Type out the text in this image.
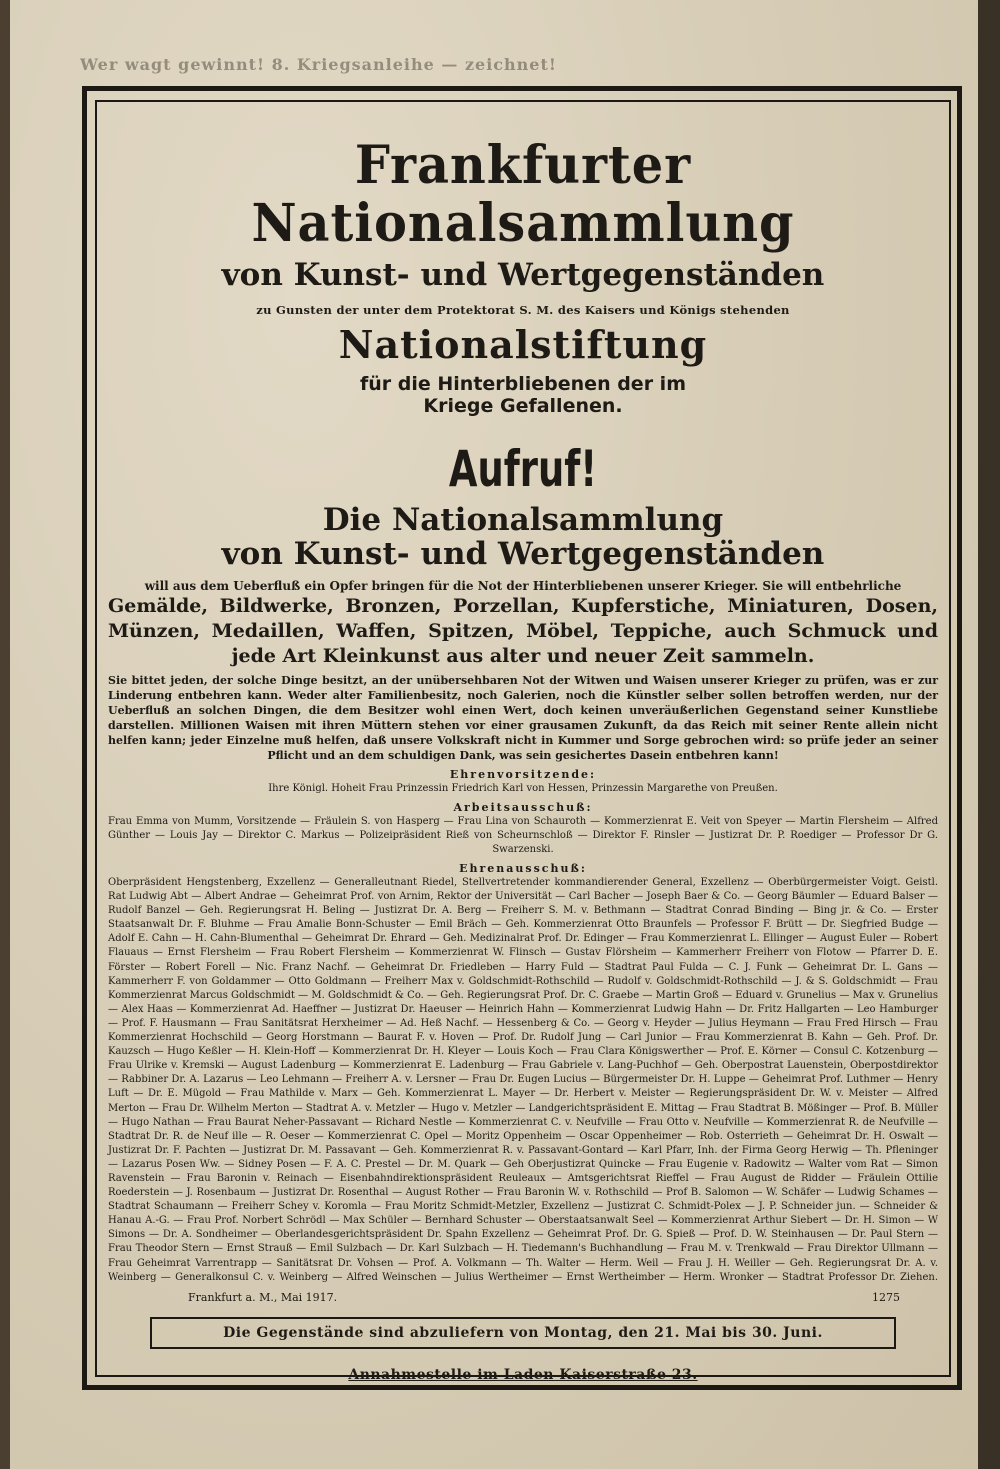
Wer wagt gewinnt! 8. Kriegsanleihe — zeichnet!
Frankfurter Nationalsammlung
von Kunst- und Wertgegenständen
zu Gunsten der unter dem Protektorat S. M. des Kaisers und Königs stehenden
Nationalstiftung
für die Hinterbliebenen der im
Kriege Gefallenen.
Aufruf!
Die Nationalsammlung
von Kunst- und Wertgegenständen
will aus dem Ueberfluß ein Opfer bringen für die Not der Hinterbliebenen unserer Krieger. Sie will entbehrliche
Gemälde, Bildwerke, Bronzen, Porzellan, Kupferstiche, Miniaturen, Dosen, Münzen, Medaillen, Waffen, Spitzen, Möbel, Teppiche, auch Schmuck und jede Art Kleinkunst aus alter und neuer Zeit sammeln.
Sie bittet jeden, der solche Dinge besitzt, an der unübersehbaren Not der Witwen und Waisen unserer Krieger zu prüfen, was er zur Linderung entbehren kann. Weder alter Familienbesitz, noch Galerien, noch die Künstler selber sollen betroffen werden, nur der Ueberfluß an solchen Dingen, die dem Besitzer wohl einen Wert, doch keinen unveräußerlichen Gegenstand seiner Kunstliebe darstellen. Millionen Waisen mit ihren Müttern stehen vor einer grausamen Zukunft, da das Reich mit seiner Rente allein nicht helfen kann; jeder Einzelne muß helfen, daß unsere Volkskraft nicht in Kummer und Sorge gebrochen wird: so prüfe jeder an seiner Pflicht und an dem schuldigen Dank, was sein gesichertes Dasein entbehren kann!
Ehrenvorsitzende:
Ihre Königl. Hoheit Frau Prinzessin Friedrich Karl von Hessen, Prinzessin Margarethe von Preußen.
Arbeitsausschuß:
Frau Emma von Mumm, Vorsitzende — Fräulein S. von Hasperg — Frau Lina von Schauroth — Kommerzienrat E. Veit von Speyer — Martin Flersheim — Alfred Günther — Louis Jay — Direktor C. Markus — Polizeipräsident Rieß von Scheurnschloß — Direktor F. Rinsler — Justizrat Dr. P. Roediger — Professor Dr G. Swarzenski.
Ehrenausschuß:
Oberpräsident Hengstenberg, Exzellenz — Generalleutnant Riedel, Stellvertretender kommandierender General, Exzellenz — Oberbürgermeister Voigt. Geistl. Rat Ludwig Abt — Albert Andrae — Geheimrat Prof. von Arnim, Rektor der Universität — Carl Bacher — Joseph Baer & Co. — Georg Bäumler — Eduard Balser — Rudolf Banzel — Geh. Regierungsrat H. Beling — Justizrat Dr. A. Berg — Freiherr S. M. v. Bethmann — Stadtrat Conrad Binding — Bing jr. & Co. — Erster Staatsanwalt Dr. F. Bluhme — Frau Amalie Bonn-Schuster — Emil Bräch — Geh. Kommerzienrat Otto Braunfels — Professor F. Brütt — Dr. Siegfried Budge — Adolf E. Cahn — H. Cahn-Blumenthal — Geheimrat Dr. Ehrard — Geh. Medizinalrat Prof. Dr. Edinger — Frau Kommerzienrat L. Ellinger — August Euler — Robert Flauaus — Ernst Flersheim — Frau Robert Flersheim — Kommerzienrat W. Flinsch — Gustav Flörsheim — Kammerherr Freiherr von Flotow — Pfarrer D. E. Förster — Robert Forell — Nic. Franz Nachf. — Geheimrat Dr. Friedleben — Harry Fuld — Stadtrat Paul Fulda — C. J. Funk — Geheimrat Dr. L. Gans — Kammerherr F. von Goldammer — Otto Goldmann — Freiherr Max v. Goldschmidt-Rothschild — Rudolf v. Goldschmidt-Rothschild — J. & S. Goldschmidt — Frau Kommerzienrat Marcus Goldschmidt — M. Goldschmidt & Co. — Geh. Regierungsrat Prof. Dr. C. Graebe — Martin Groß — Eduard v. Grunelius — Max v. Grunelius — Alex Haas — Kommerzienrat Ad. Haeffner — Justizrat Dr. Haeuser — Heinrich Hahn — Kommerzienrat Ludwig Hahn — Dr. Fritz Hallgarten — Leo Hamburger — Prof. F. Hausmann — Frau Sanitätsrat Herxheimer — Ad. Heß Nachf. — Hessenberg & Co. — Georg v. Heyder — Julius Heymann — Frau Fred Hirsch — Frau Kommerzienrat Hochschild — Georg Horstmann — Baurat F. v. Hoven — Prof. Dr. Rudolf Jung — Carl Junior — Frau Kommerzienrat B. Kahn — Geh. Prof. Dr. Kauzsch — Hugo Keßler — H. Klein-Hoff — Kommerzienrat Dr. H. Kleyer — Louis Koch — Frau Clara Königswerther — Prof. E. Körner — Consul C. Kotzenburg — Frau Ulrike v. Kremski — August Ladenburg — Kommerzienrat E. Ladenburg — Frau Gabriele v. Lang-Puchhof — Geh. Oberpostrat Lauenstein, Oberpostdirektor — Rabbiner Dr. A. Lazarus — Leo Lehmann — Freiherr A. v. Lersner — Frau Dr. Eugen Lucius — Bürgermeister Dr. H. Luppe — Geheimrat Prof. Luthmer — Henry Luft — Dr. E. Mügold — Frau Mathilde v. Marx — Geh. Kommerzienrat L. Mayer — Dr. Herbert v. Meister — Regierungspräsident Dr. W. v. Meister — Alfred Merton — Frau Dr. Wilhelm Merton — Stadtrat A. v. Metzler — Hugo v. Metzler — Landgerichtspräsident E. Mittag — Frau Stadtrat B. Mößinger — Prof. B. Müller — Hugo Nathan — Frau Baurat Neher-Passavant — Richard Nestle — Kommerzienrat C. v. Neufville — Frau Otto v. Neufville — Kommerzienrat R. de Neufville — Stadtrat Dr. R. de Neuf ille — R. Oeser — Kommerzienrat C. Opel — Moritz Oppenheim — Oscar Oppenheimer — Rob. Osterrieth — Geheimrat Dr. H. Oswalt — Justizrat Dr. F. Pachten — Justizrat Dr. M. Passavant — Geh. Kommerzienrat R. v. Passavant-Gontard — Karl Pfarr, Inh. der Firma Georg Herwig — Th. Pfleninger — Lazarus Posen Ww. — Sidney Posen — F. A. C. Prestel — Dr. M. Quark — Geh Oberjustizrat Quincke — Frau Eugenie v. Radowitz — Walter vom Rat — Simon Ravenstein — Frau Baronin v. Reinach — Eisenbahndirektionspräsident Reuleaux — Amtsgerichtsrat Rieffel — Frau August de Ridder — Fräulein Ottilie Roederstein — J. Rosenbaum — Justizrat Dr. Rosenthal — August Rother — Frau Baronin W. v. Rothschild — Prof B. Salomon — W. Schäfer — Ludwig Schames — Stadtrat Schaumann — Freiherr Schey v. Koromla — Frau Moritz Schmidt-Metzler, Exzellenz — Justizrat C. Schmidt-Polex — J. P. Schneider jun. — Schneider & Hanau A.-G. — Frau Prof. Norbert Schrödl — Max Schüler — Bernhard Schuster — Oberstaatsanwalt Seel — Kommerzienrat Arthur Siebert — Dr. H. Simon — W Simons — Dr. A. Sondheimer — Oberlandesgerichtspräsident Dr. Spahn Exzellenz — Geheimrat Prof. Dr. G. Spieß — Prof. D. W. Steinhausen — Dr. Paul Stern — Frau Theodor Stern — Ernst Strauß — Emil Sulzbach — Dr. Karl Sulzbach — H. Tiedemann's Buchhandlung — Frau M. v. Trenkwald — Frau Direktor Ullmann — Frau Geheimrat Varrentrapp — Sanitätsrat Dr. Vohsen — Prof. A. Volkmann — Th. Walter — Herm. Weil — Frau J. H. Weiller — Geh. Regierungsrat Dr. A. v. Weinberg — Generalkonsul C. v. Weinberg — Alfred Weinschen — Julius Wertheimer — Ernst Wertheimber — Herm. Wronker — Stadtrat Professor Dr. Ziehen.
Frankfurt a. M., Mai 1917.	1275
Die Gegenstände sind abzuliefern von Montag, den 21. Mai bis 30. Juni.
Annahmestelle im Laden Kaiserstraße 23.
